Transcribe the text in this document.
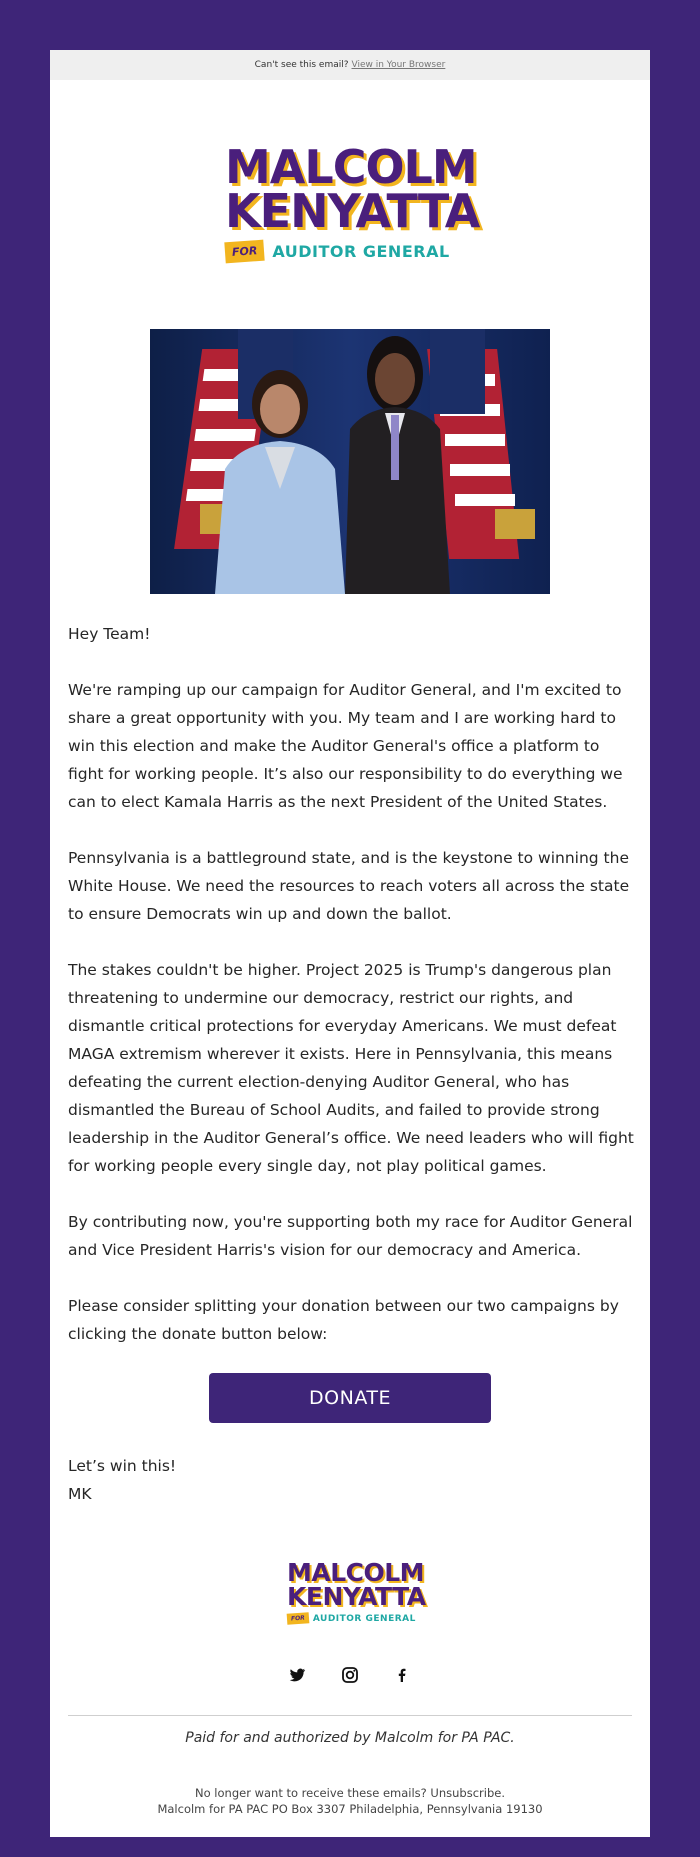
Can't see this email? View in Your Browser
MALCOLM
KENYATTA
FOR AUDITOR GENERAL

Hey Team!

We're ramping up our campaign for Auditor General, and I'm excited to share a great opportunity with you. My team and I are working hard to win this election and make the Auditor General's office a platform to fight for working people. It’s also our responsibility to do everything we can to elect Kamala Harris as the next President of the United States.

Pennsylvania is a battleground state, and is the keystone to winning the White House. We need the resources to reach voters all across the state to ensure Democrats win up and down the ballot.

The stakes couldn't be higher. Project 2025 is Trump's dangerous plan threatening to undermine our democracy, restrict our rights, and dismantle critical protections for everyday Americans. We must defeat MAGA extremism wherever it exists. Here in Pennsylvania, this means defeating the current election-denying Auditor General, who has dismantled the Bureau of School Audits, and failed to provide strong leadership in the Auditor General’s office. We need leaders who will fight for working people every single day, not play political games.

By contributing now, you're supporting both my race for Auditor General and Vice President Harris's vision for our democracy and America.

Please consider splitting your donation between our two campaigns by clicking the donate button below:

DONATE

Let’s win this!

MK

MALCOLM
KENYATTA
FOR AUDITOR GENERAL
Paid for and authorized by Malcolm for PA PAC.
No longer want to receive these emails? Unsubscribe.
Malcolm for PA PAC PO Box 3307 Philadelphia, Pennsylvania 19130
